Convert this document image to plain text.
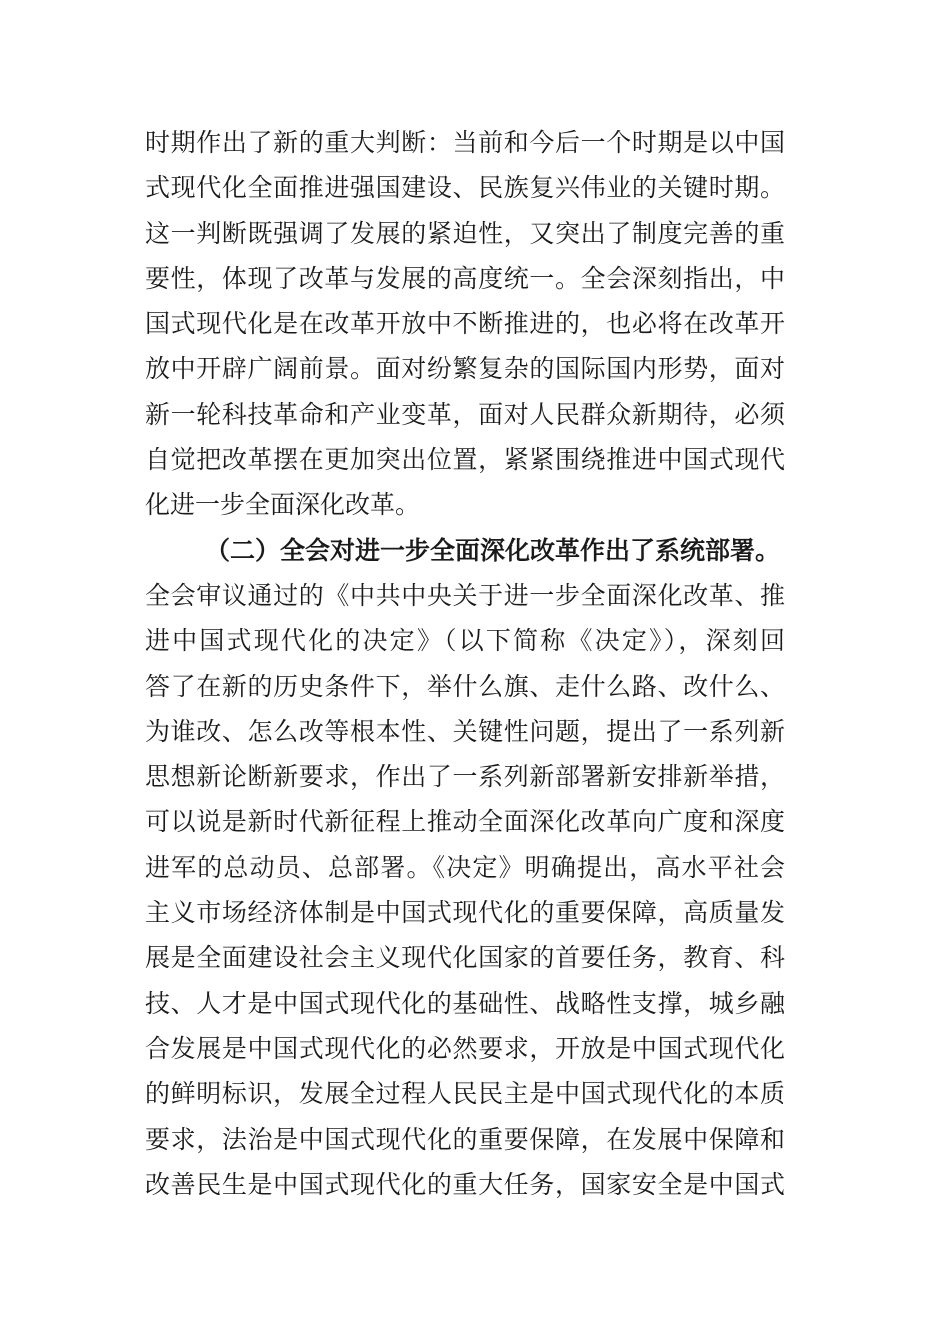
时期作出了新的重大判断：当前和今后一个时期是以中国
式现代化全面推进强国建设、民族复兴伟业的关键时期。
这一判断既强调了发展的紧迫性，又突出了制度完善的重
要性，体现了改革与发展的高度统一。全会深刻指出，中
国式现代化是在改革开放中不断推进的，也必将在改革开
放中开辟广阔前景。面对纷繁复杂的国际国内形势，面对
新一轮科技革命和产业变革，面对人民群众新期待，必须
自觉把改革摆在更加突出位置，紧紧围绕推进中国式现代
化进一步全面深化改革。
（二）全会对进一步全面深化改革作出了系统部署。
全会审议通过的《中共中央关于进一步全面深化改革、推
进中国式现代化的决定》（以下简称《决定》），深刻回
答了在新的历史条件下，举什么旗、走什么路、改什么、
为谁改、怎么改等根本性、关键性问题，提出了一系列新
思想新论断新要求，作出了一系列新部署新安排新举措，
可以说是新时代新征程上推动全面深化改革向广度和深度
进军的总动员、总部署。《决定》明确提出，高水平社会
主义市场经济体制是中国式现代化的重要保障，高质量发
展是全面建设社会主义现代化国家的首要任务，教育、科
技、人才是中国式现代化的基础性、战略性支撑，城乡融
合发展是中国式现代化的必然要求，开放是中国式现代化
的鲜明标识，发展全过程人民民主是中国式现代化的本质
要求，法治是中国式现代化的重要保障，在发展中保障和
改善民生是中国式现代化的重大任务，国家安全是中国式
